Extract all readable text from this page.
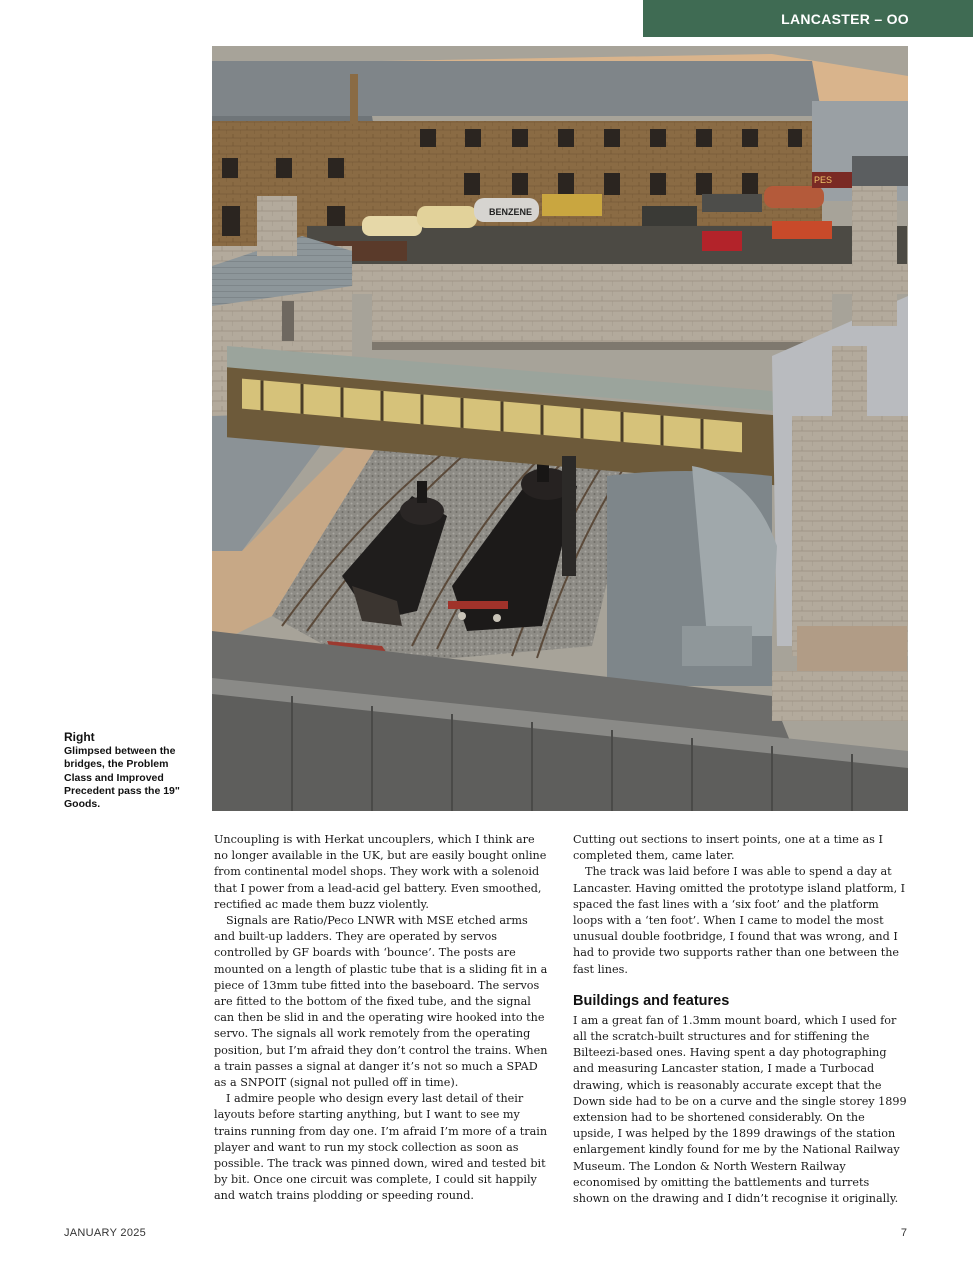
LANCASTER – OO
BENZENE
PES
Right
Glimpsed between the bridges, the Problem Class and Improved Precedent pass the 19" Goods.

Uncoupling is with Herkat uncouplers, which I think are no longer available in the UK, but are easily bought online from continental model shops. They work with a solenoid that I power from a lead-acid gel battery. Even smoothed, rectified ac made them buzz violently.

Signals are Ratio/Peco LNWR with MSE etched arms and built-up ladders. They are operated by servos controlled by GF boards with ‘bounce’. The posts are mounted on a length of plastic tube that is a sliding fit in a piece of 13mm tube fitted into the baseboard. The servos are fitted to the bottom of the fixed tube, and the signal can then be slid in and the operating wire hooked into the servo. The signals all work remotely from the operating position, but I’m afraid they don’t control the trains. When a train passes a signal at danger it’s not so much a SPAD as a SNPOIT (signal not pulled off in time).

I admire people who design every last detail of their layouts before starting anything, but I want to see my trains running from day one. I’m afraid I’m more of a train player and want to run my stock collection as soon as possible. The track was pinned down, wired and tested bit by bit. Once one circuit was complete, I could sit happily and watch trains plodding or speeding round.

Cutting out sections to insert points, one at a time as I completed them, came later.

The track was laid before I was able to spend a day at Lancaster. Having omitted the prototype island platform, I spaced the fast lines with a ‘six foot’ and the platform loops with a ‘ten foot’. When I came to model the most unusual double footbridge, I found that was wrong, and I had to provide two supports rather than one between the fast lines.

Buildings and features

I am a great fan of 1.3mm mount board, which I used for all the scratch-built structures and for stiffening the Bilteezi-based ones. Having spent a day photographing and measuring Lancaster station, I made a Turbocad drawing, which is reasonably accurate except that the Down side had to be on a curve and the single storey 1899 extension had to be shortened considerably. On the upside, I was helped by the 1899 drawings of the station enlargement kindly found for me by the National Railway Museum. The London & North Western Railway economised by omitting the battlements and turrets shown on the drawing and I didn’t recognise it originally.

JANUARY 2025	7
